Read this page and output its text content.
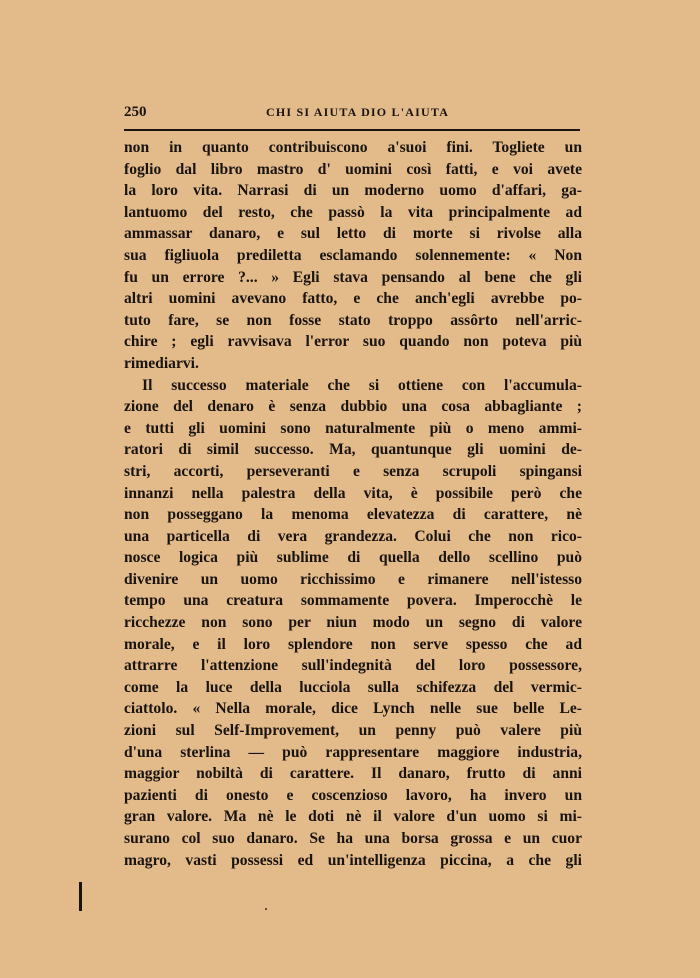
250	CHI SI AIUTA DIO L'AIUTA
non in quanto contribuiscono a'suoi fini. Toglietе un
foglio dal libro mastro d' uomini così fatti, e voi avete
la loro vita. Narrasi di un moderno uomo d'affari, ga-
lantuomo del resto, che passò la vita principalmente ad
ammassar danaro, e sul letto di morte si rivolse alla
sua figliuola prediletta esclamando solennemente: « Non
fu un errore ?... » Egli stava pensando al bene che gli
altri uomini avevano fatto, e che anch'egli avrebbe po-
tuto fare, se non fosse stato troppo assôrto nell'arric-
chire ; egli ravvisava l'error suo quando non poteva più
rimediarvi.
Il successo materiale che si ottiene con l'accumula-
zione del denaro è senza dubbio una cosa abbagliante ;
e tutti gli uomini sono naturalmente più o meno ammi-
ratori di simil successo. Ma, quantunque gli uomini de-
stri, accorti, perseveranti e senza scrupoli spingansi
innanzi nella palestra della vita, è possibile però che
non posseggano la menoma elevatezza di carattere, nè
una particella di vera grandezza. Colui che non rico-
nosce logica più sublime di quella dello scellino può
divenire un uomo ricchissimo e rimanere nell'istesso
tempo una creatura sommamente povera. Imperocchè le
ricchezze non sono per niun modo un segno di valore
morale, e il loro splendore non serve spesso che ad
attrarre l'attenzione sull'indegnità del loro possessore,
come la luce della lucciola sulla schifezza del vermic-
ciattolo. « Nella morale, dice Lynch nelle sue belle Le-
zioni sul Self-Improvement, un penny può valere più
d'una sterlina — può rappresentare maggiore industria,
maggior nobiltà di carattere. Il danaro, frutto di anni
pazienti di onesto e coscenzioso lavoro, ha invero un
gran valore. Ma nè le doti nè il valore d'un uomo si mi-
surano col suo danaro. Se ha una borsa grossa e un cuor
magro, vasti possessi ed un'intelligenza piccina, a che gli
